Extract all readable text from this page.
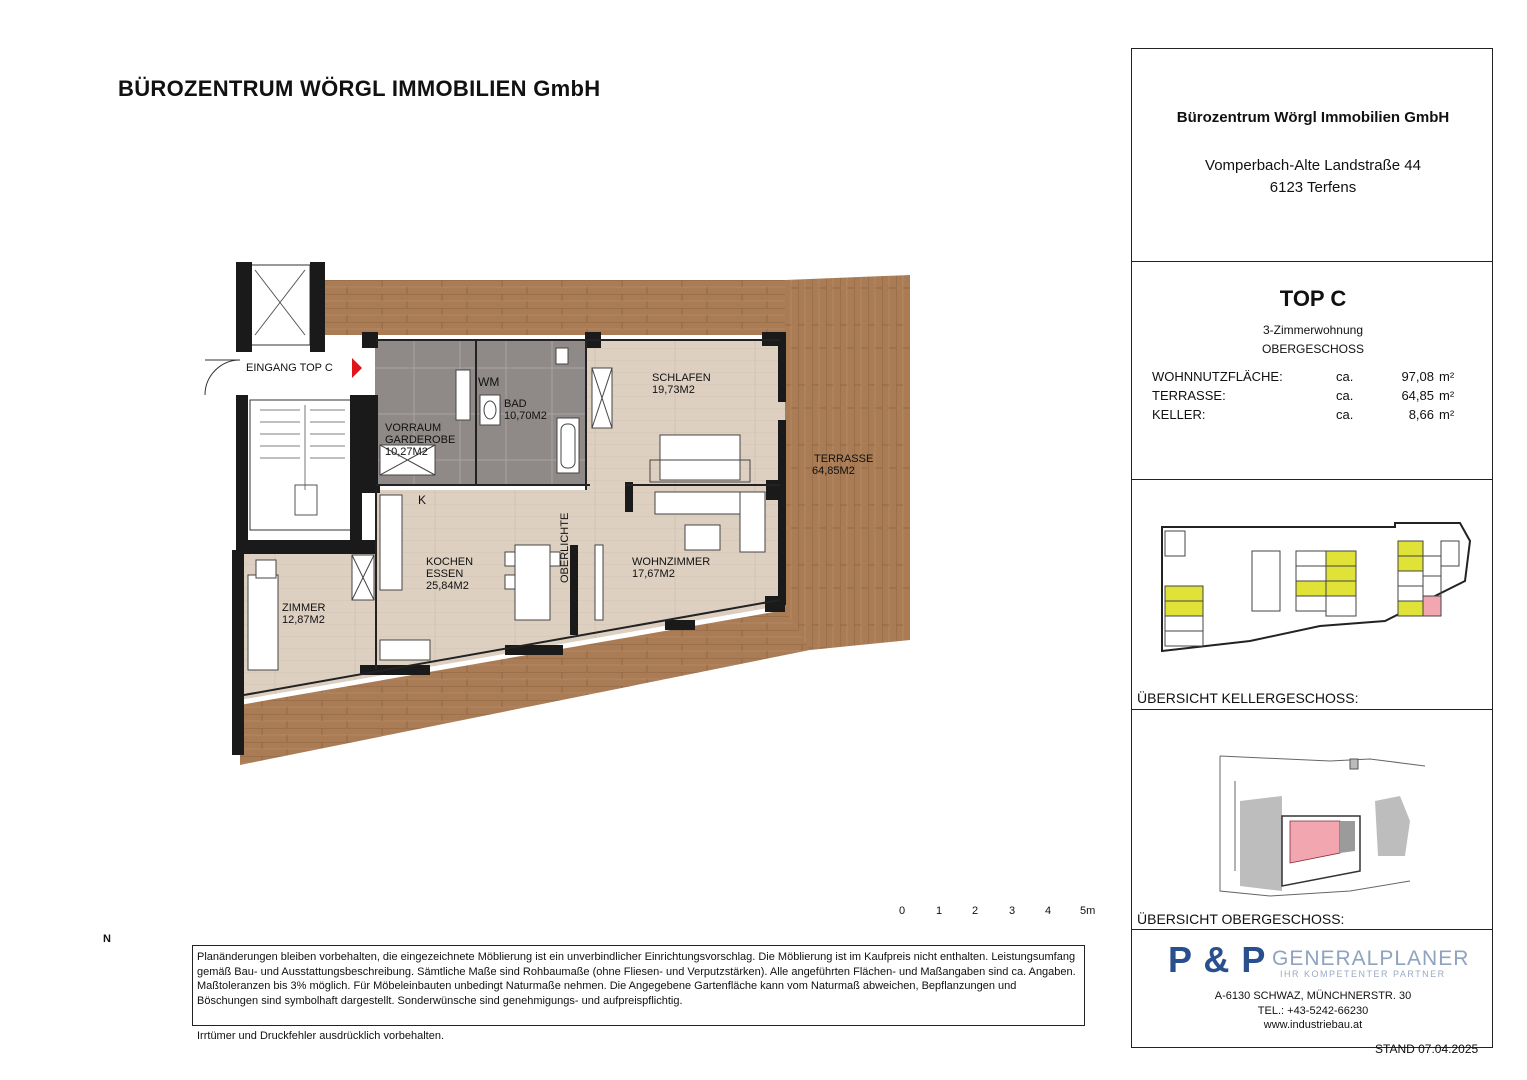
BÜROZENTRUM WÖRGL IMMOBILIEN GmbH
EINGANG TOP C
WM
K
OBERLICHTE
VORRAUM
GARDEROBE
10,27M2
BAD
10,70M2
SCHLAFEN
19,73M2
TERRASSE
64,85M2
KOCHEN
ESSEN
25,84M2
WOHNZIMMER
17,67M2
ZIMMER
12,87M2
N
0	1	2	3	4	5m
Bürozentrum Wörgl Immobilien GmbH
Vomperbach-Alte Landstraße 44
6123 Terfens
TOP C
3-Zimmerwohnung
OBERGESCHOSS
WOHNNUTZFLÄCHE:	ca.	97,08 m²
TERRASSE:	ca.	64,85 m²
KELLER:	ca.	8,66 m²
ÜBERSICHT KELLERGESCHOSS:
ÜBERSICHT OBERGESCHOSS:
P & P GENERALPLANER
IHR KOMPETENTER PARTNER
A-6130 SCHWAZ, MÜNCHNERSTR. 30
TEL.: +43-5242-66230
www.industriebau.at
Planänderungen bleiben vorbehalten, die eingezeichnete Möblierung ist ein unverbindlicher Einrichtungsvorschlag. Die Möblierung ist im Kaufpreis nicht enthalten. Leistungsumfang gemäß Bau- und Ausstattungsbeschreibung. Sämtliche Maße sind Rohbaumaße (ohne Fliesen- und Verputzstärken). Alle angeführten Flächen- und Maßangaben sind ca. Angaben. Maßtoleranzen bis 3% möglich. Für Möbeleinbauten unbedingt Naturmaße nehmen. Die Angegebene Gartenfläche kann vom Naturmaß abweichen, Bepflanzungen und Böschungen sind symbolhaft dargestellt. Sonderwünsche sind genehmigungs- und aufpreispflichtig.
Irrtümer und Druckfehler ausdrücklich vorbehalten.
STAND 07.04.2025
